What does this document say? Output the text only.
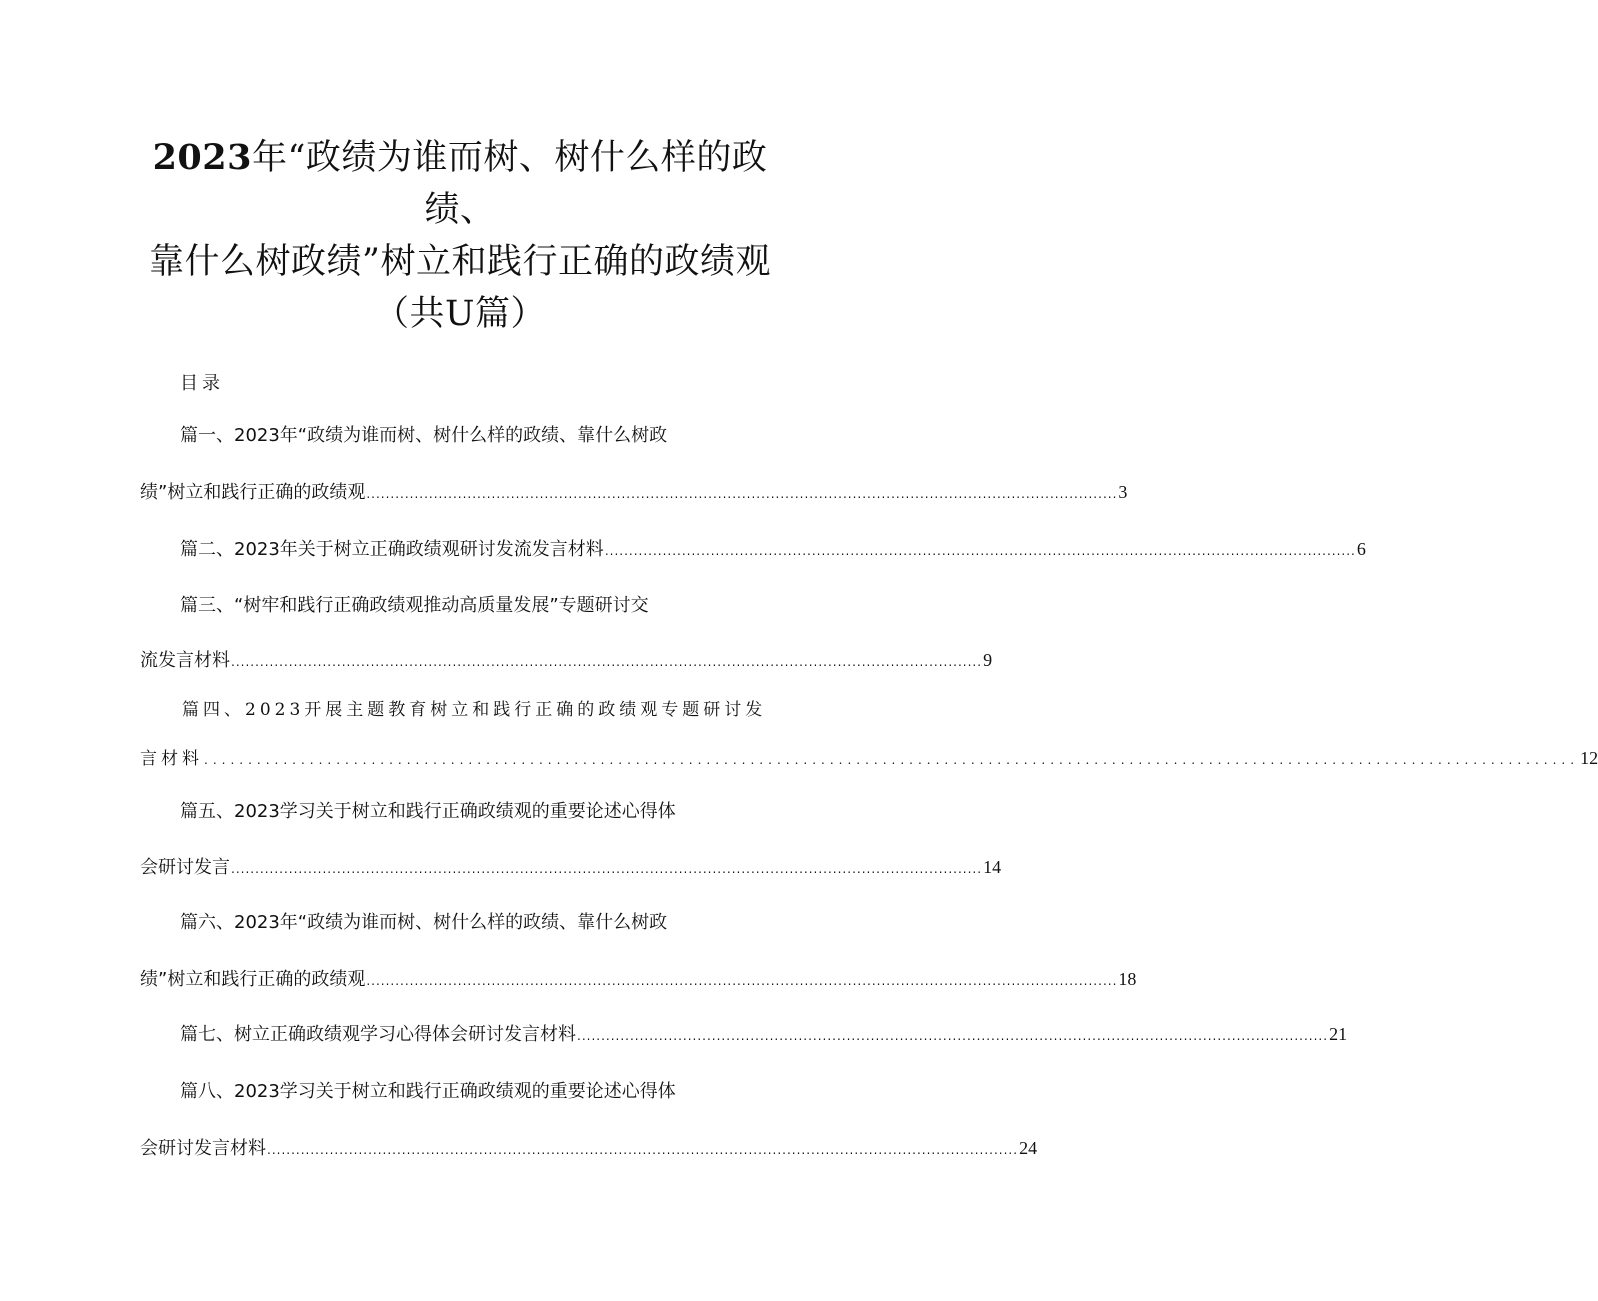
2023年“政绩为谁而树、树什么样的政
绩、
靠什么树政绩”树立和践行正确的政绩观
（共U篇）
目录
篇一、2023年“政绩为谁而树、树什么样的政绩、靠什么树政
绩”树立和践行正确的政绩观 ............................................................................................................................................................ 3
篇二、2023年关于树立正确政绩观研讨发流发言材料 ............................................................................................................................................................ 6
篇三、“树牢和践行正确政绩观推动高质量发展”专题研讨交
流发言材料 ............................................................................................................................................................ 9
篇四、2023开展主题教育树立和践行正确的政绩观专题研讨发
言材料 ............................................................................................................................................................ 12
篇五、2023学习关于树立和践行正确政绩观的重要论述心得体
会研讨发言 ............................................................................................................................................................ 14
篇六、2023年“政绩为谁而树、树什么样的政绩、靠什么树政
绩”树立和践行正确的政绩观 ............................................................................................................................................................ 18
篇七、树立正确政绩观学习心得体会研讨发言材料 ............................................................................................................................................................ 21
篇八、2023学习关于树立和践行正确政绩观的重要论述心得体
会研讨发言材料 ............................................................................................................................................................ 24
